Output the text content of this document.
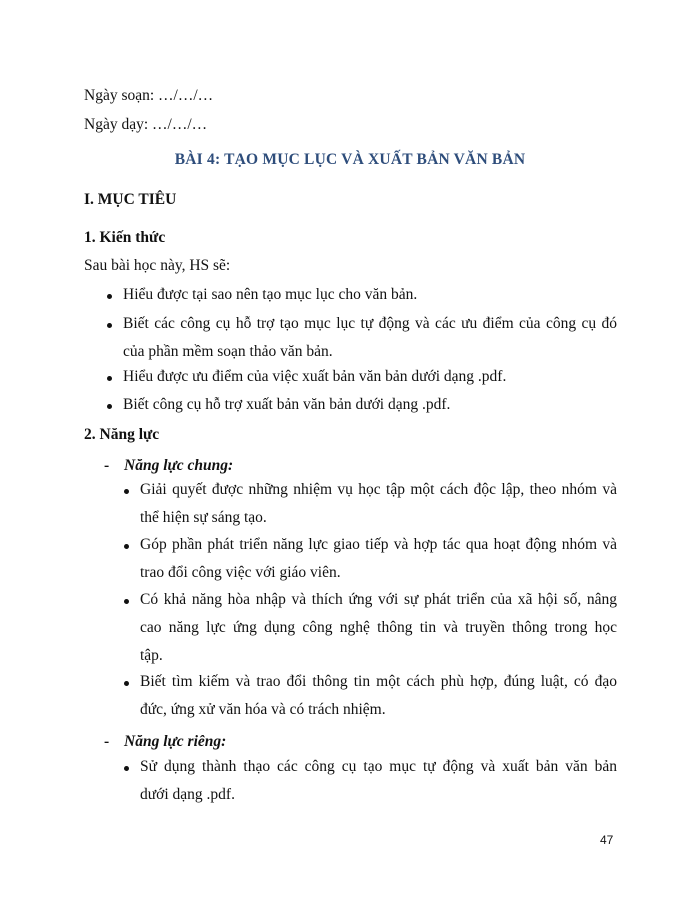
Ngày soạn: …/…/…
Ngày dạy: …/…/…
BÀI 4: TẠO MỤC LỤC VÀ XUẤT BẢN VĂN BẢN
I. MỤC TIÊU
1. Kiến thức
Sau bài học này, HS sẽ:
Hiểu được tại sao nên tạo mục lục cho văn bản.
Biết các công cụ hỗ trợ tạo mục lục tự động và các ưu điểm của công cụ đó
của phần mềm soạn thảo văn bản.
Hiểu được ưu điểm của việc xuất bản văn bản dưới dạng .pdf.
Biết công cụ hỗ trợ xuất bản văn bản dưới dạng .pdf.
2. Năng lực
- Năng lực chung:
Giải quyết được những nhiệm vụ học tập một cách độc lập, theo nhóm và
thể hiện sự sáng tạo.
Góp phần phát triển năng lực giao tiếp và hợp tác qua hoạt động nhóm và
trao đổi công việc với giáo viên.
Có khả năng hòa nhập và thích ứng với sự phát triển của xã hội số, nâng
cao năng lực ứng dụng công nghệ thông tin và truyền thông trong học
tập.
Biết tìm kiếm và trao đổi thông tin một cách phù hợp, đúng luật, có đạo
đức, ứng xử văn hóa và có trách nhiệm.
- Năng lực riêng:
Sử dụng thành thạo các công cụ tạo mục tự động và xuất bản văn bản
dưới dạng .pdf.
47
